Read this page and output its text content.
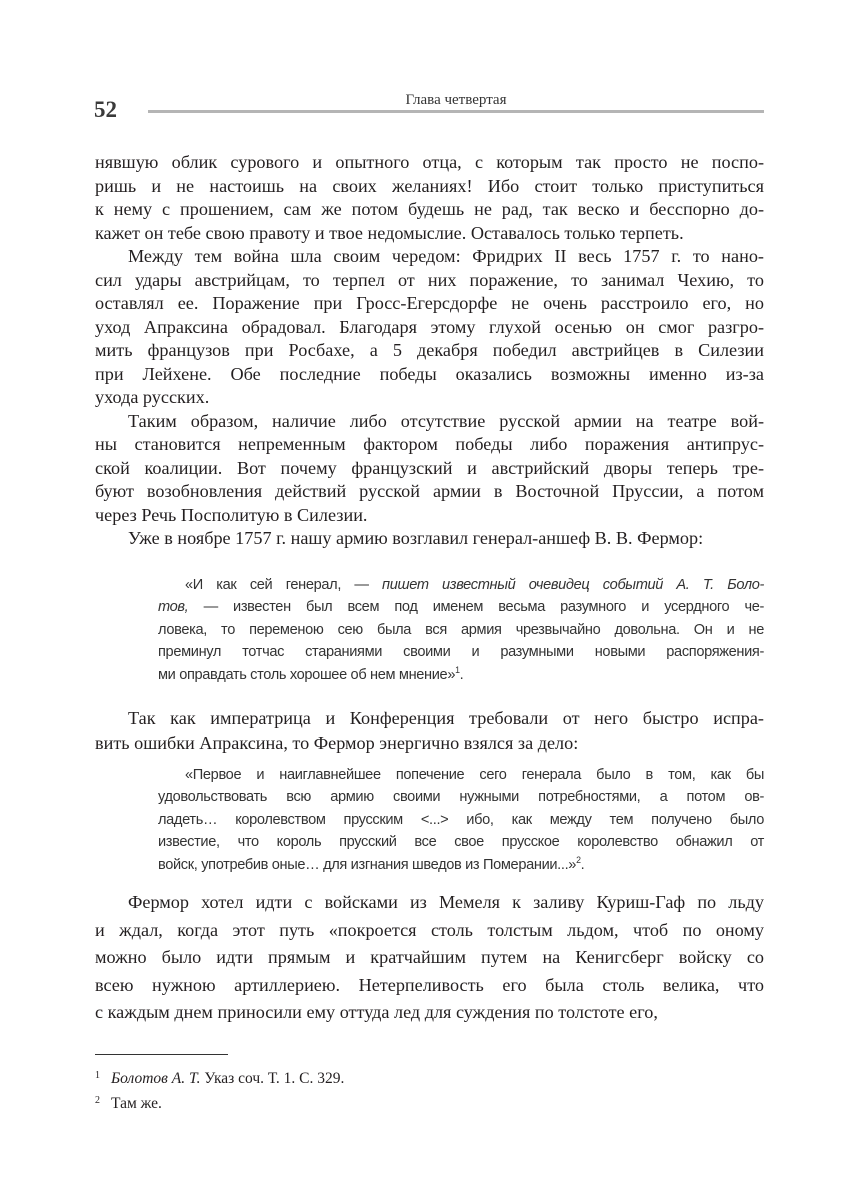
52	Глава четвертая
нявшую облик сурового и опытного отца, с которым так просто не поспо-
ришь и не настоишь на своих желаниях! Ибо стоит только приступиться
к нему с прошением, сам же потом будешь не рад, так веско и бесспорно до-
кажет он тебе свою правоту и твое недомыслие. Оставалось только терпеть.
Между тем война шла своим чередом: Фридрих II весь 1757 г. то нано-
сил удары австрийцам, то терпел от них поражение, то занимал Чехию, то
оставлял ее. Поражение при Гросс-Егерсдорфе не очень расстроило его, но
уход Апраксина обрадовал. Благодаря этому глухой осенью он смог разгро-
мить французов при Росбахе, а 5 декабря победил австрийцев в Силезии
при Лейхене. Обе последние победы оказались возможны именно из-за
ухода русских.
Таким образом, наличие либо отсутствие русской армии на театре вой-
ны становится непременным фактором победы либо поражения антипрус-
ской коалиции. Вот почему французский и австрийский дворы теперь тре-
буют возобновления действий русской армии в Восточной Пруссии, а потом
через Речь Посполитую в Силезии.
Уже в ноябре 1757 г. нашу армию возглавил генерал-аншеф В. В. Фермор:
«И как сей генерал, — пишет известный очевидец событий А. Т. Боло-
тов, — известен был всем под именем весьма разумного и усердного че-
ловека, то переменою сею была вся армия чрезвычайно довольна. Он и не
преминул тотчас стараниями своими и разумными новыми распоряжения-
ми оправдать столь хорошее об нем мнение»$^1$.
Так как императрица и Конференция требовали от него быстро испра-
вить ошибки Апраксина, то Фермор энергично взялся за дело:
«Первое и наиглавнейшее попечение сего генерала было в том, как бы
удовольствовать всю армию своими нужными потребностями, а потом ов-
ладеть… королевством прусским <...> ибо, как между тем получено было
известие, что король прусский все свое прусское королевство обнажил от
войск, употребив оные… для изгнания шведов из Померании...»$^2$.
Фермор хотел идти с войсками из Мемеля к заливу Куриш-Гаф по льду
и ждал, когда этот путь «покроется столь толстым льдом, чтоб по оному
можно было идти прямым и кратчайшим путем на Кенигсберг войску со
всею нужною артиллериею. Нетерпеливость его была столь велика, что
с каждым днем приносили ему оттуда лед для суждения по толстоте его,
1 Болотов А. Т. Указ соч. Т. 1. С. 329.
2 Там же.
